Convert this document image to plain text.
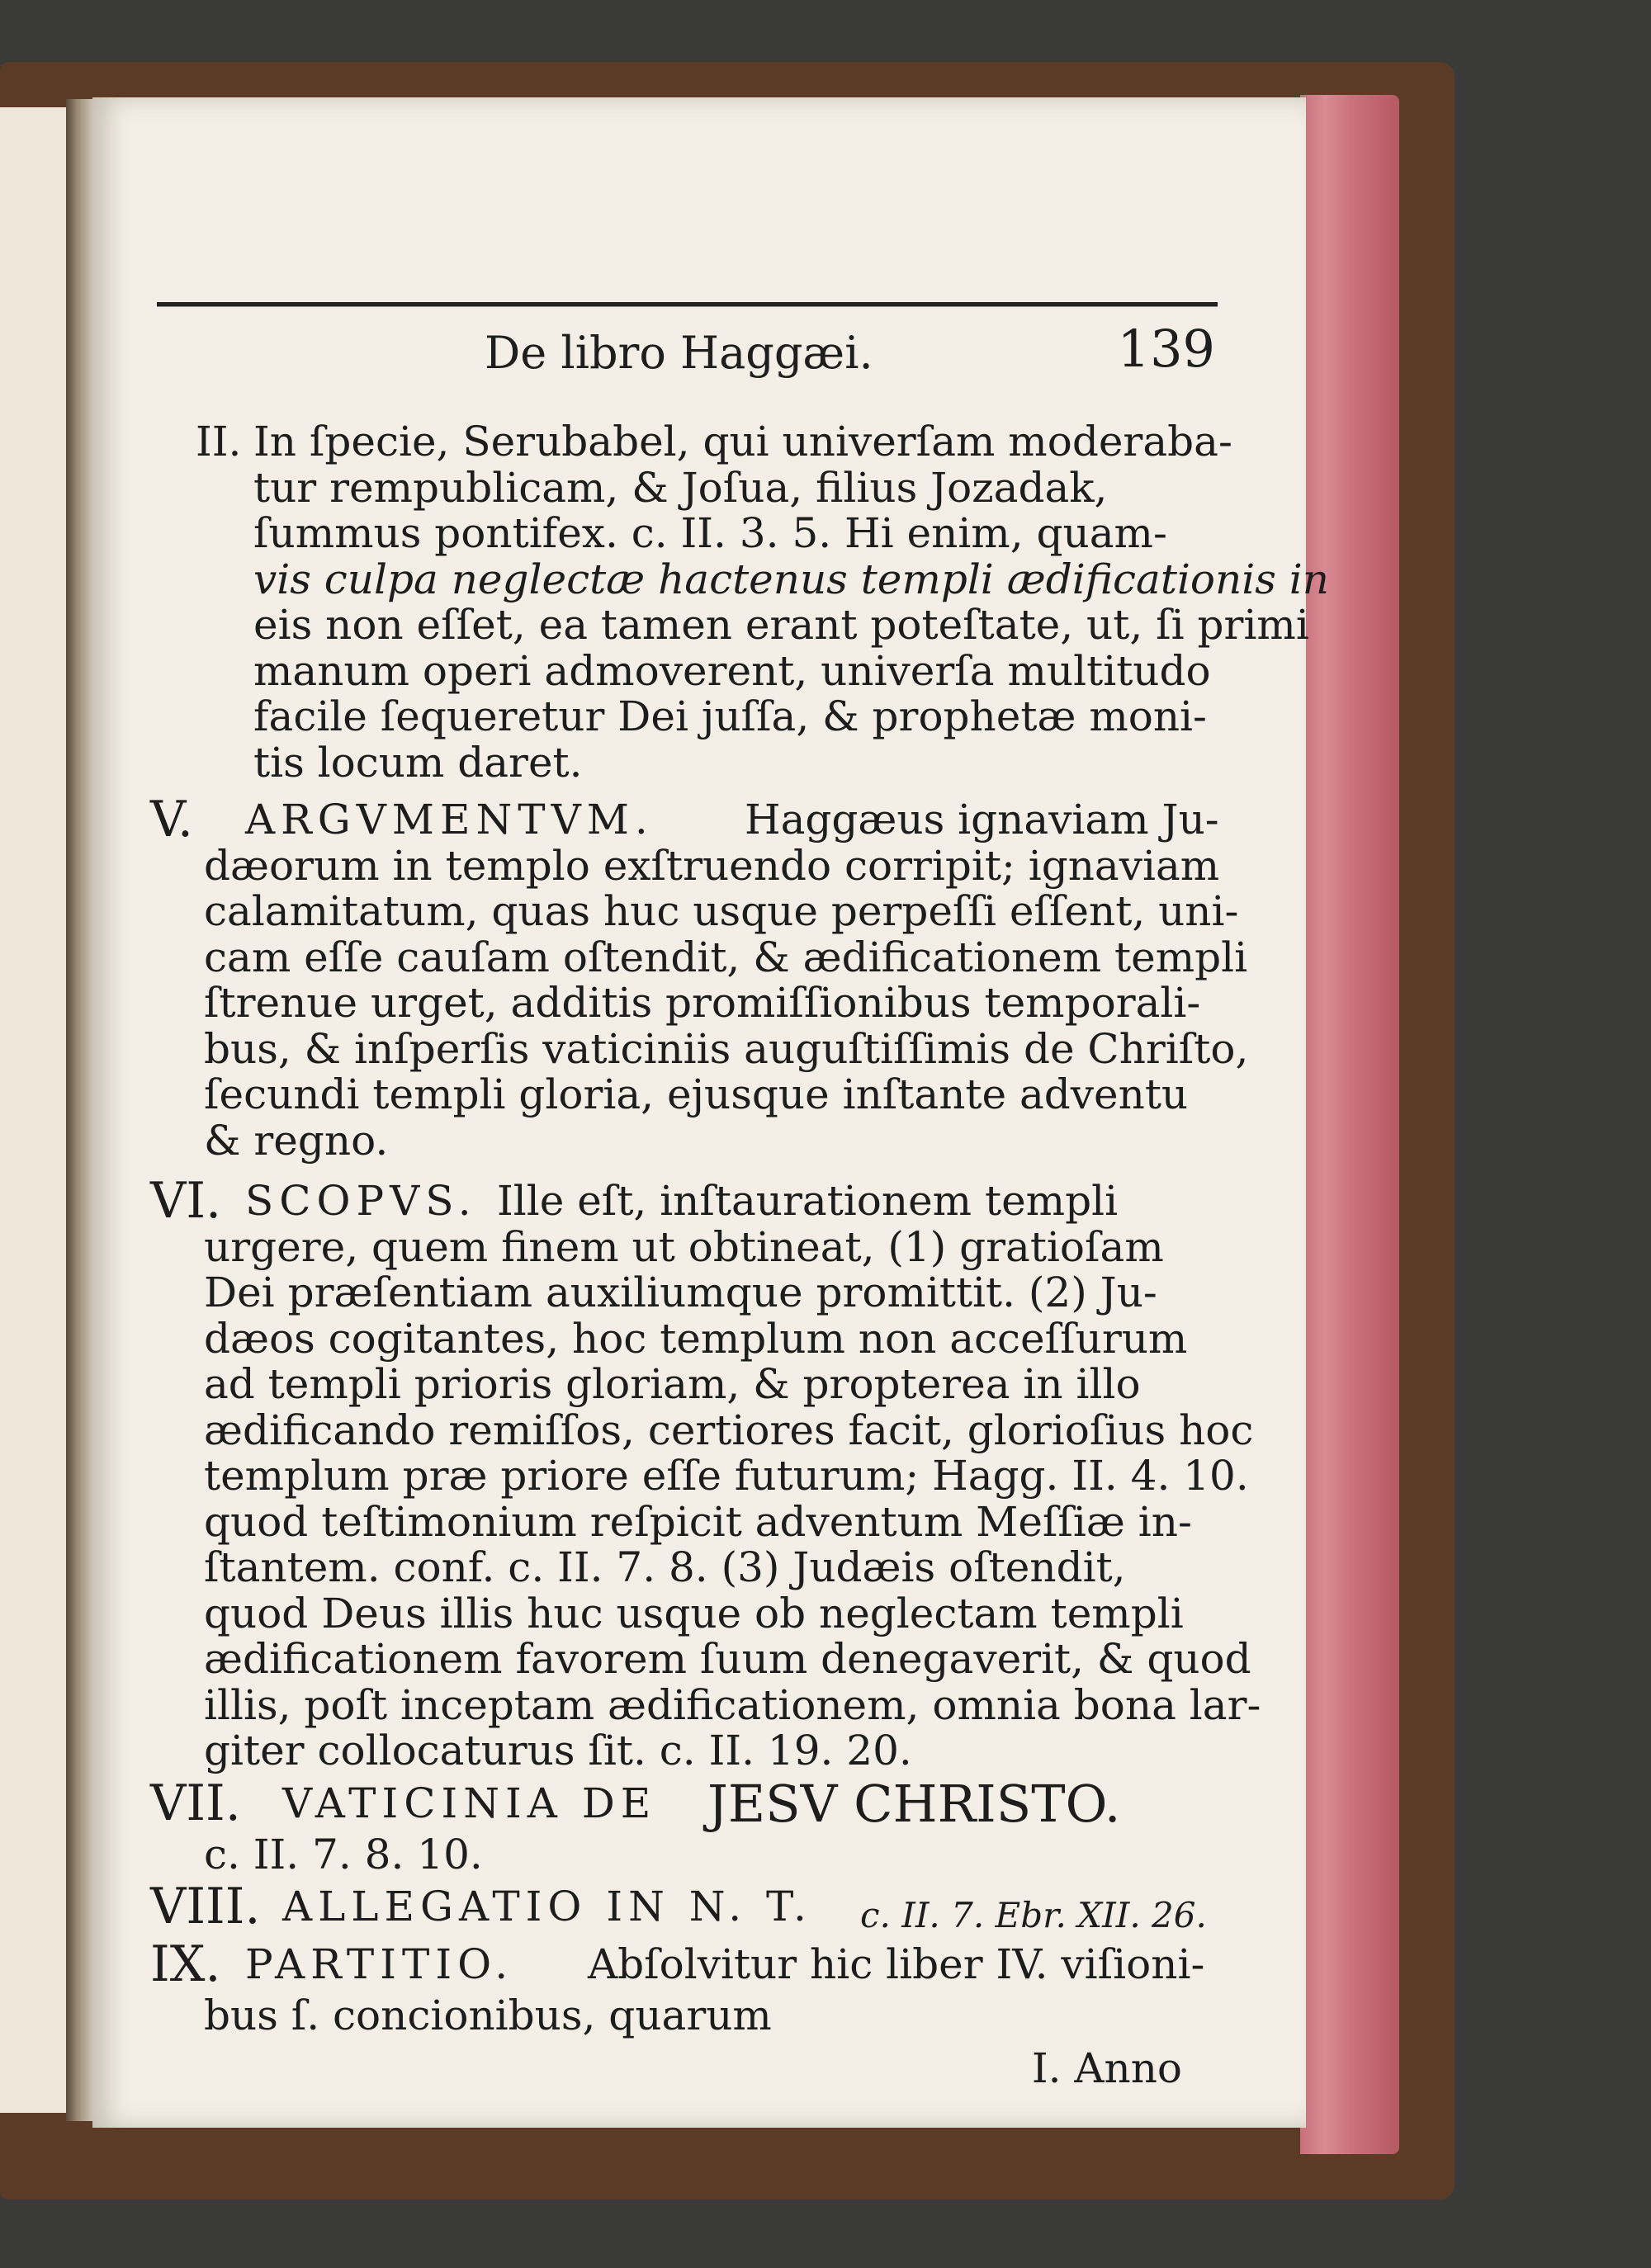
De libro Haggæi.	139
II. In ſpecie, Serubabel, qui univerſam moderaba-
tur rempublicam, & Joſua, filius Jozadak,
ſummus pontifex. c. II. 3. 5. Hi enim, quam-
vis culpa neglectæ hactenus templi ædificationis in
eis non eſſet, ea tamen erant poteſtate, ut, ſi primi
manum operi admoverent, univerſa multitudo
facile ſequeretur Dei juſſa, & prophetæ moni-
tis locum daret.
V. ARGVMENTVM. Haggæus ignaviam Ju-
dæorum in templo exſtruendo corripit; ignaviam
calamitatum, quas huc usque perpeſſi eſſent, uni-
cam eſſe cauſam oſtendit, & ædificationem templi
ſtrenue urget, additis promiſſionibus temporali-
bus, & inſperſis vaticiniis auguſtiſſimis de Chriſto,
ſecundi templi gloria, ejusque inſtante adventu
& regno.
VI. SCOPVS. Ille eſt, inſtaurationem templi
urgere, quem finem ut obtineat, (1) gratioſam
Dei præſentiam auxiliumque promittit. (2) Ju-
dæos cogitantes, hoc templum non acceſſurum
ad templi prioris gloriam, & propterea in illo
ædificando remiſſos, certiores facit, glorioſius hoc
templum præ priore eſſe futurum; Hagg. II. 4. 10.
quod teſtimonium reſpicit adventum Meſſiæ in-
ſtantem. conf. c. II. 7. 8. (3) Judæis oſtendit,
quod Deus illis huc usque ob neglectam templi
ædificationem favorem ſuum denegaverit, & quod
illis, poſt inceptam ædificationem, omnia bona lar-
giter collocaturus ſit. c. II. 19. 20.
VII. VATICINIA DE JESV CHRISTO.
c. II. 7. 8. 10.
VIII. ALLEGATIO IN N. T. c. II. 7. Ebr. XII. 26.
IX. PARTITIO. Abſolvitur hic liber IV. viſioni-
bus ſ. concionibus, quarum
I. Anno
